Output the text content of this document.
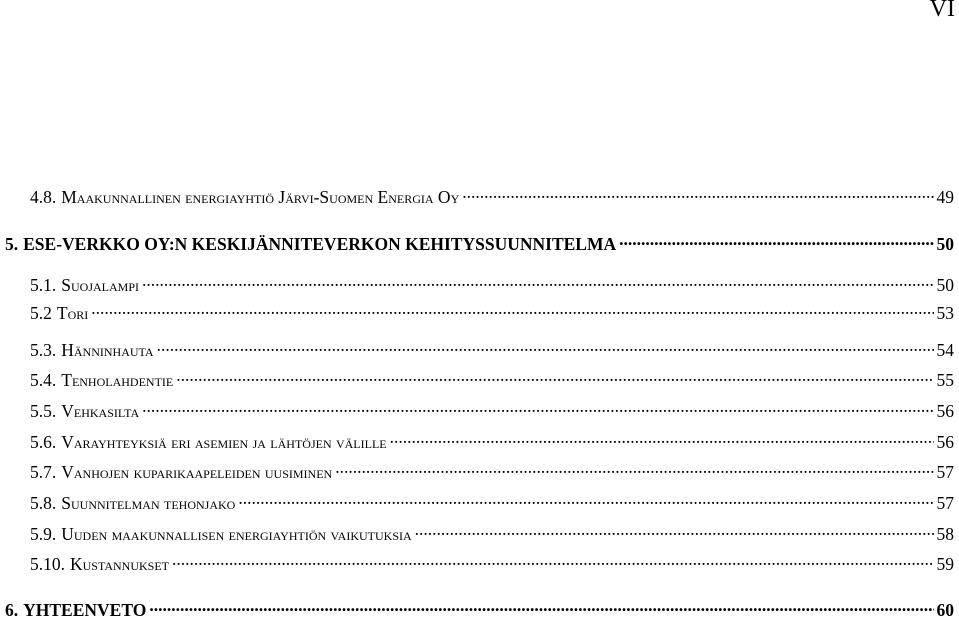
VI
4.8. Maakunnallinen energiayhtiö Järvi-Suomen Energia Oy .....	49
5. ESE-VERKKO OY:N KESKIJÄNNITEVERKON KEHITYSSUUNNITELMA .....	50
5.1. Suojalampi .....	50
5.2 Tori .....	53
5.3. Hänninhauta .....	54
5.4. Tenholahdentie .....	55
5.5. Vehkasilta .....	56
5.6. Varayhteyksiä eri asemien ja lähtöjen välille .....	56
5.7. Vanhojen kuparikaapeleiden uusiminen .....	57
5.8. Suunnitelman tehonjako .....	57
5.9. Uuden maakunnallisen energiayhtiön vaikutuksia .....	58
5.10. Kustannukset .....	59
6. YHTEENVETO .....	60
